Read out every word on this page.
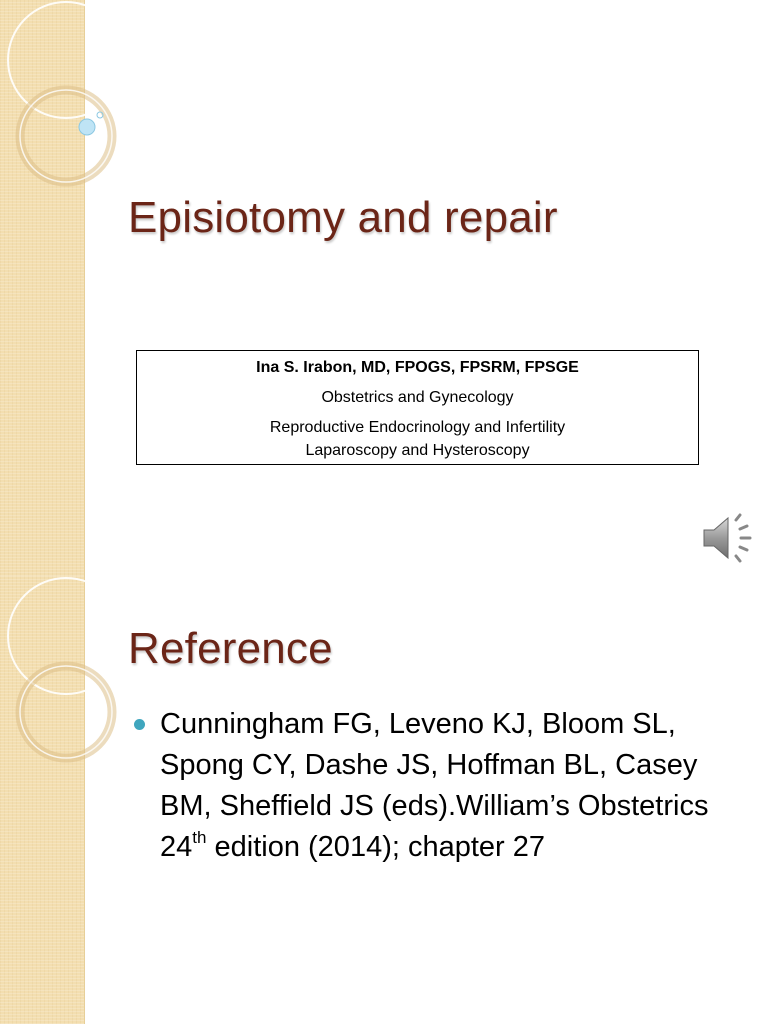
Episiotomy and repair
Ina S. Irabon, MD, FPOGS, FPSRM, FPSGE
Obstetrics and Gynecology
Reproductive Endocrinology and Infertility
Laparoscopy and Hysteroscopy
Reference
Cunningham FG, Leveno KJ, Bloom SL, Spong CY, Dashe JS, Hoffman BL, Casey BM, Sheffield JS (eds).William’s Obstetrics 24th edition (2014); chapter 27
